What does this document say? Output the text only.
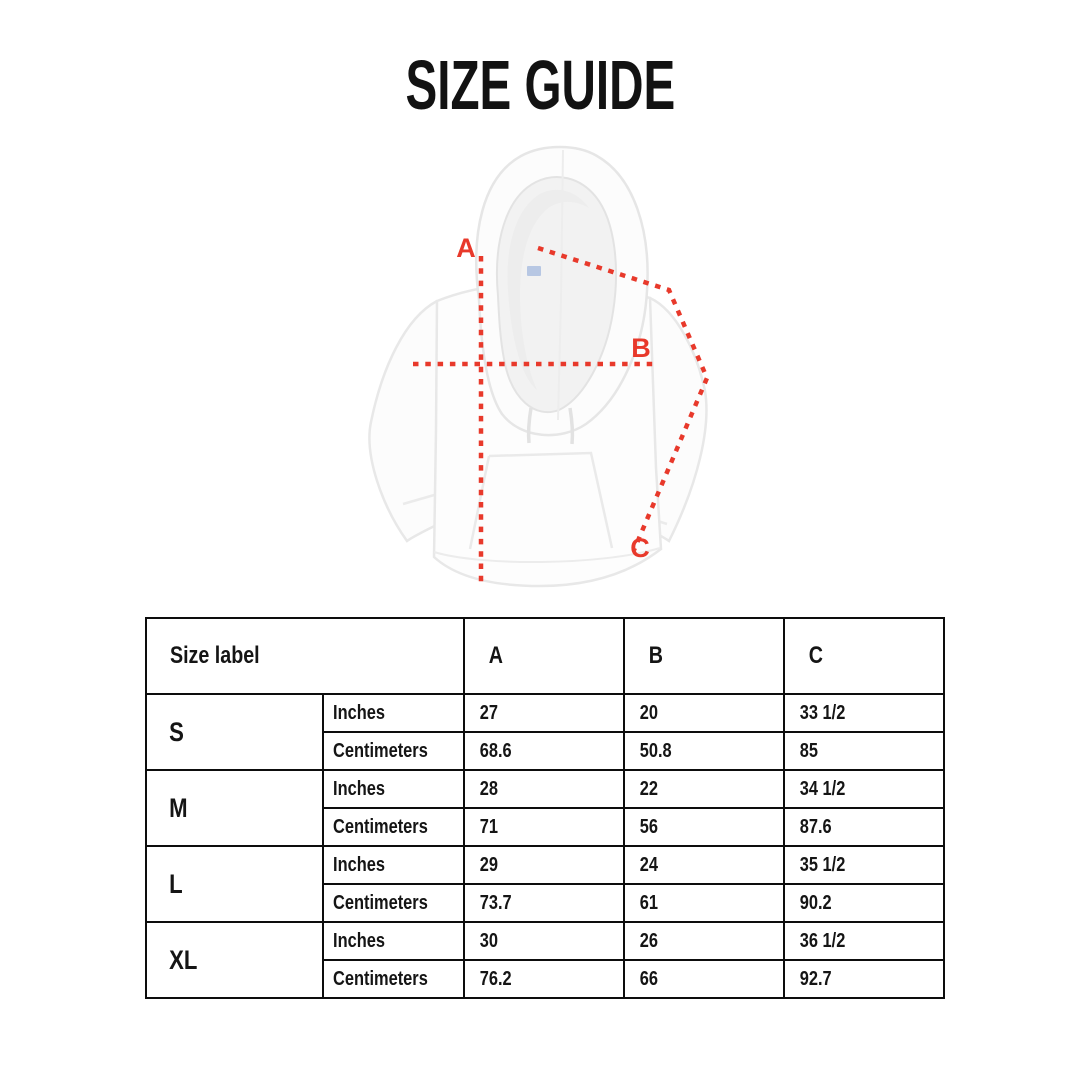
SIZE GUIDE
A
B
C
Size label		A	B	C
S	Inches	27	20	33 1/2
	Centimeters	68.6	50.8	85
M	Inches	28	22	34 1/2
	Centimeters	71	56	87.6
L	Inches	29	24	35 1/2
	Centimeters	73.7	61	90.2
XL	Inches	30	26	36 1/2
	Centimeters	76.2	66	92.7
